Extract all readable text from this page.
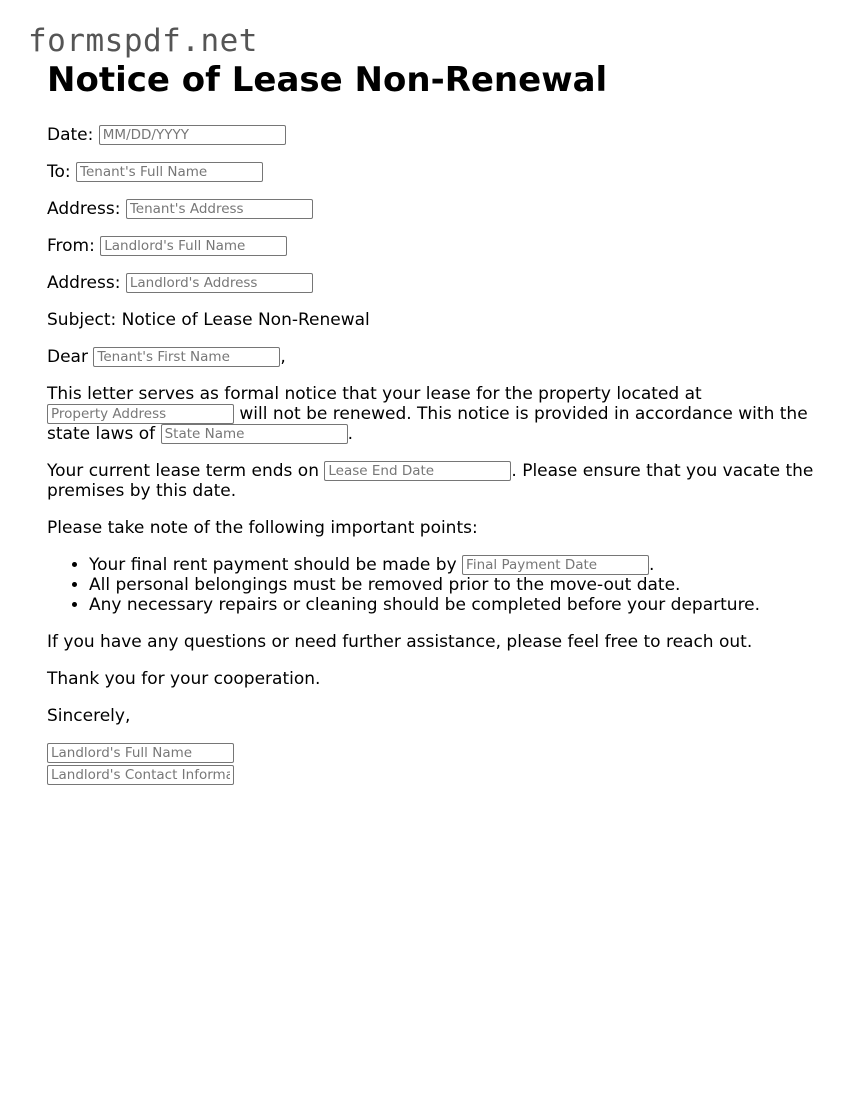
formspdf.net
Notice of Lease Non-Renewal

Date: MM/DD/YYYY

To: Tenant's Full Name

Address: Tenant's Address

From: Landlord's Full Name

Address: Landlord's Address

Subject: Notice of Lease Non-Renewal

Dear Tenant's First Name	,

This letter serves as formal notice that your lease for the property located at Property Address will not be renewed. This notice is provided in accordance with the state laws of State Name	.

Your current lease term ends on Lease End Date	. Please ensure that you vacate the premises by this date.

Please take note of the following important points:

• Your final rent payment should be made by Final Payment Date	.
• All personal belongings must be removed prior to the move-out date.
• Any necessary repairs or cleaning should be completed before your departure.

If you have any questions or need further assistance, please feel free to reach out.

Thank you for your cooperation.

Sincerely,

Landlord's Full Name
Landlord's Contact Information
